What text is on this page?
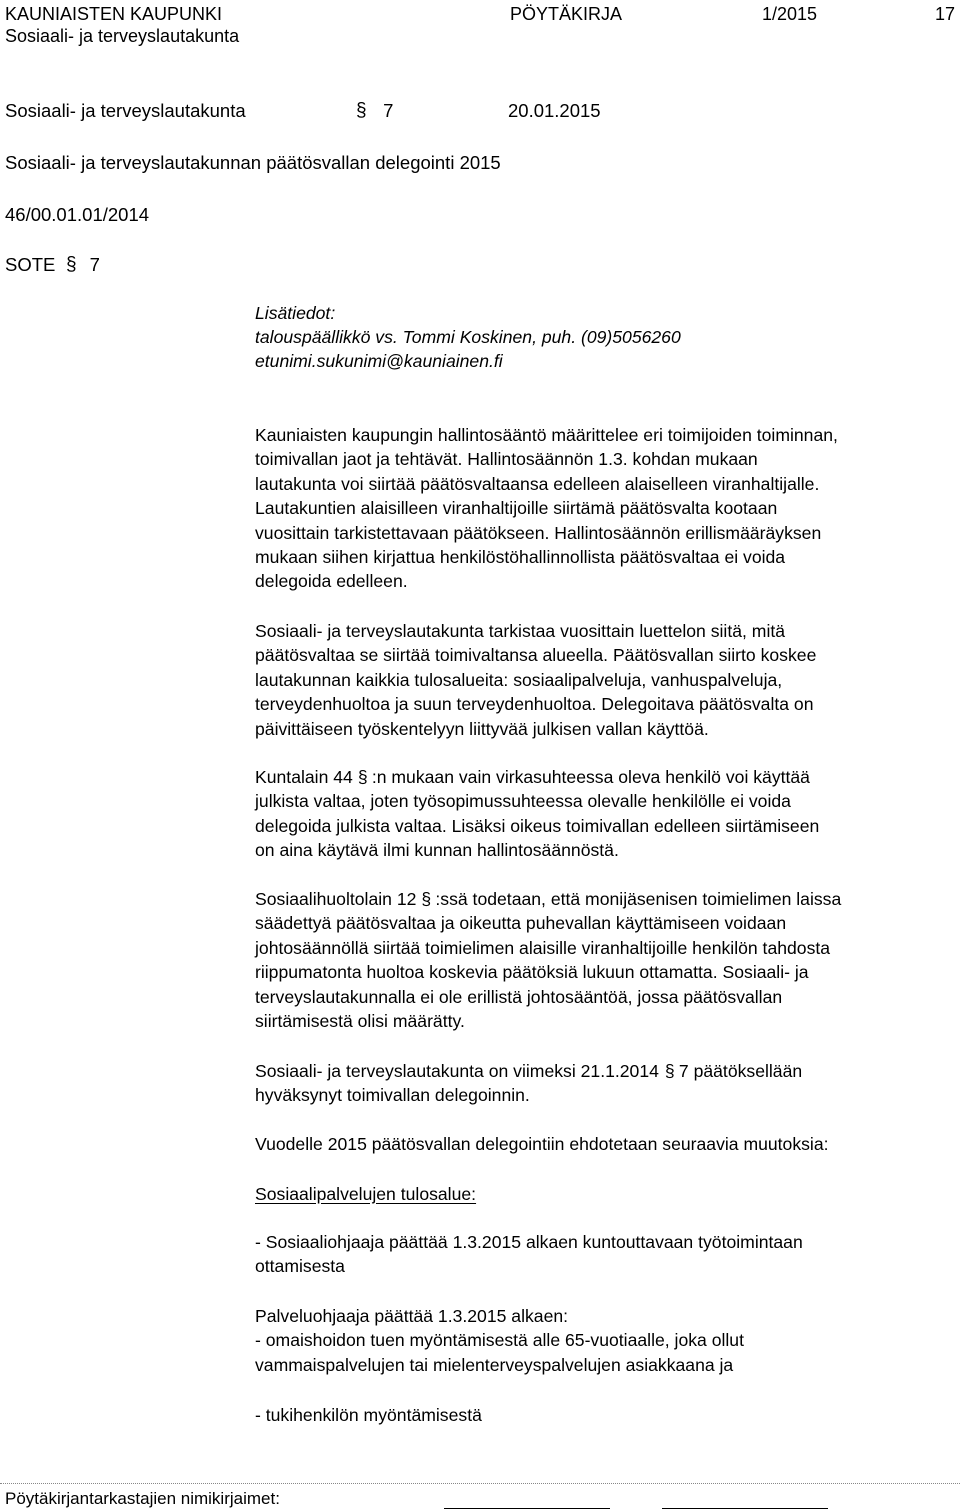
KAUNIAISTEN KAUPUNKI	PÖYTÄKIRJA	1/2015	17
Sosiaali- ja terveyslautakunta
Sosiaali- ja terveyslautakunta	§ 7	20.01.2015
Sosiaali- ja terveyslautakunnan päätösvallan delegointi 2015
46/00.01.01/2014
SOTE § 7
Lisätiedot:
talouspäällikkö vs. Tommi Koskinen, puh. (09)5056260
etunimi.sukunimi@kauniainen.fi
Kauniaisten kaupungin hallintosääntö määrittelee eri toimijoiden toiminnan,
toimivallan jaot ja tehtävät. Hallintosäännön 1.3. kohdan mukaan
lautakunta voi siirtää päätösvaltaansa edelleen alaiselleen viranhaltijalle.
Lautakuntien alaisilleen viranhaltijoille siirtämä päätösvalta kootaan
vuosittain tarkistettavaan päätökseen. Hallintosäännön erillismääräyksen
mukaan siihen kirjattua henkilöstöhallinnollista päätösvaltaa ei voida
delegoida edelleen.
Sosiaali- ja terveyslautakunta tarkistaa vuosittain luettelon siitä, mitä
päätösvaltaa se siirtää toimivaltansa alueella. Päätösvallan siirto koskee
lautakunnan kaikkia tulosalueita: sosiaalipalveluja, vanhuspalveluja,
terveydenhuoltoa ja suun terveydenhuoltoa. Delegoitava päätösvalta on
päivittäiseen työskentelyyn liittyvää julkisen vallan käyttöä.
Kuntalain 44 § :n mukaan vain virkasuhteessa oleva henkilö voi käyttää
julkista valtaa, joten työsopimussuhteessa olevalle henkilölle ei voida
delegoida julkista valtaa. Lisäksi oikeus toimivallan edelleen siirtämiseen
on aina käytävä ilmi kunnan hallintosäännöstä.
Sosiaalihuoltolain 12 § :ssä todetaan, että monijäsenisen toimielimen laissa
säädettyä päätösvaltaa ja oikeutta puhevallan käyttämiseen voidaan
johtosäännöllä siirtää toimielimen alaisille viranhaltijoille henkilön tahdosta
riippumatonta huoltoa koskevia päätöksiä lukuun ottamatta. Sosiaali- ja
terveyslautakunnalla ei ole erillistä johtosääntöä, jossa päätösvallan
siirtämisestä olisi määrätty.
Sosiaali- ja terveyslautakunta on viimeksi 21.1.2014 § 7 päätöksellään
hyväksynyt toimivallan delegoinnin.
Vuodelle 2015 päätösvallan delegointiin ehdotetaan seuraavia muutoksia:
Sosiaalipalvelujen tulosalue:
- Sosiaaliohjaaja päättää 1.3.2015 alkaen kuntouttavaan työtoimintaan
ottamisesta
Palveluohjaaja päättää 1.3.2015 alkaen:
- omaishoidon tuen myöntämisestä alle 65-vuotiaalle, joka ollut
vammaispalvelujen tai mielenterveyspalvelujen asiakkaana ja
- tukihenkilön myöntämisestä
Pöytäkirjantarkastajien nimikirjaimet:
